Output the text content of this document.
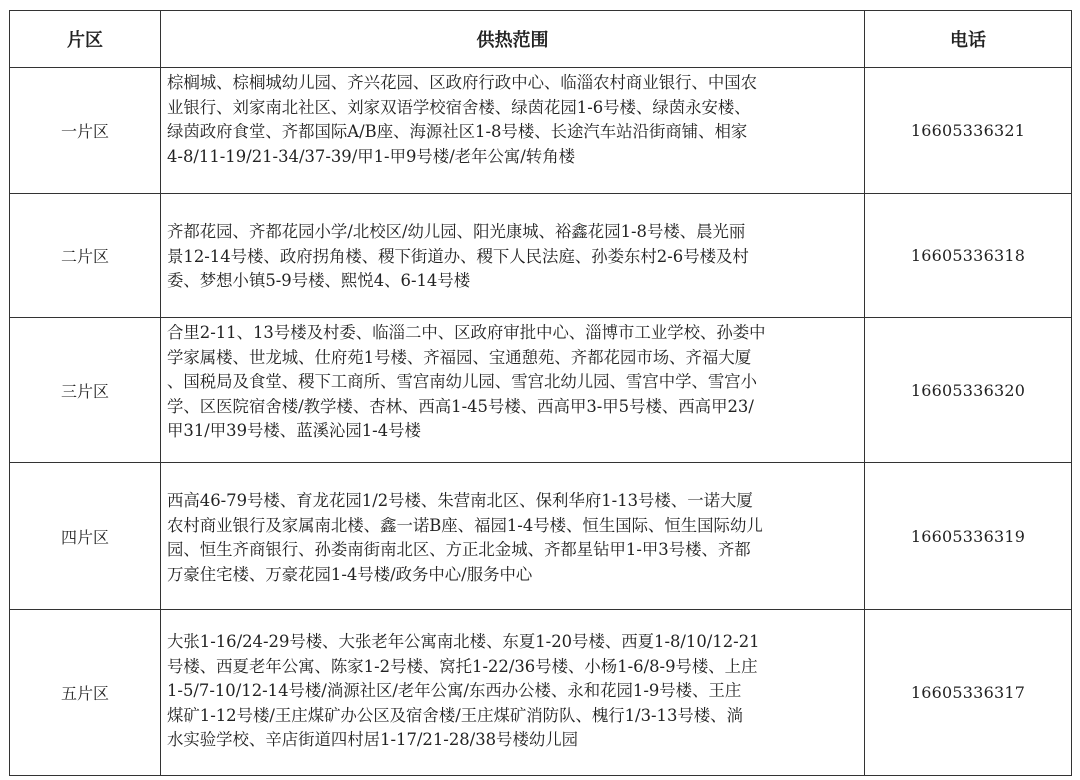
片区	供热范围	电话
一片区	棕榈城、棕榈城幼儿园、齐兴花园、区政府行政中心、临淄农村商业银行、中国农
业银行、刘家南北社区、刘家双语学校宿舍楼、绿茵花园1-6号楼、绿茵永安楼、
绿茵政府食堂、齐都国际A/B座、海源社区1-8号楼、长途汽车站沿街商铺、相家
4-8/11-19/21-34/37-39/甲1-甲9号楼/老年公寓/转角楼	16605336321
二片区	齐都花园、齐都花园小学/北校区/幼儿园、阳光康城、裕鑫花园1-8号楼、晨光丽
景12-14号楼、政府拐角楼、稷下街道办、稷下人民法庭、孙娄东村2-6号楼及村
委、梦想小镇5-9号楼、熙悦4、6-14号楼	16605336318
三片区	合里2-11、13号楼及村委、临淄二中、区政府审批中心、淄博市工业学校、孙娄中
学家属楼、世龙城、仕府苑1号楼、齐福园、宝通憩苑、齐都花园市场、齐福大厦
、国税局及食堂、稷下工商所、雪宫南幼儿园、雪宫北幼儿园、雪宫中学、雪宫小
学、区医院宿舍楼/教学楼、杏林、西高1-45号楼、西高甲3-甲5号楼、西高甲23/
甲31/甲39号楼、蓝溪沁园1-4号楼	16605336320
四片区	西高46-79号楼、育龙花园1/2号楼、朱营南北区、保利华府1-13号楼、一诺大厦
农村商业银行及家属南北楼、鑫一诺B座、福园1-4号楼、恒生国际、恒生国际幼儿
园、恒生齐商银行、孙娄南街南北区、方正北金城、齐都星钻甲1-甲3号楼、齐都
万豪住宅楼、万豪花园1-4号楼/政务中心/服务中心	16605336319
五片区	大张1-16/24-29号楼、大张老年公寓南北楼、东夏1-20号楼、西夏1-8/10/12-21
号楼、西夏老年公寓、陈家1-2号楼、窝托1-22/36号楼、小杨1-6/8-9号楼、上庄
1-5/7-10/12-14号楼/淌源社区/老年公寓/东西办公楼、永和花园1-9号楼、王庄
煤矿1-12号楼/王庄煤矿办公区及宿舍楼/王庄煤矿消防队、槐行1/3-13号楼、淌
水实验学校、辛店街道四村居1-17/21-28/38号楼幼儿园	16605336317
